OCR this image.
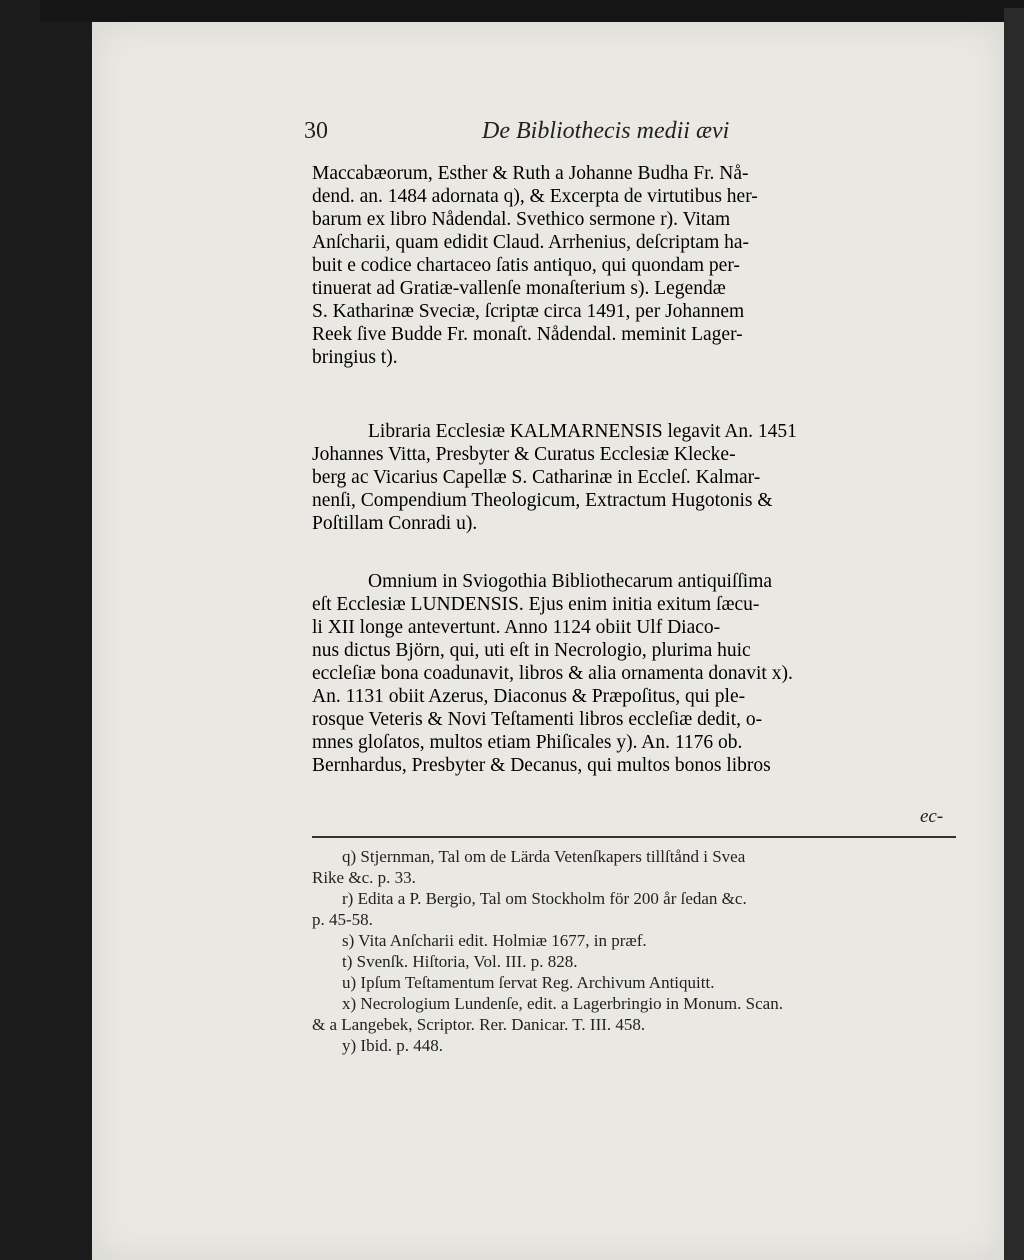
30	De Bibliothecis medii ævi

Maccabæorum, Esther & Ruth a Johanne Budha Fr. Nå-

dend. an. 1484 adornata q), & Excerpta de virtutibus her-

barum ex libro Nådendal. Svethico sermone r). Vitam

Anſcharii, quam edidit Claud. Arrhenius, deſcriptam ha-

buit e codice chartaceo ſatis antiquo, qui quondam per-

tinuerat ad Gratiæ-vallenſe monaſterium s). Legendæ

S. Katharinæ Sveciæ, ſcriptæ circa 1491, per Johannem

Reek ſive Budde Fr. monaſt. Nådendal. meminit Lager-

bringius t).

Libraria Ecclesiæ KALMARNENSIS legavit An. 1451

Johannes Vitta, Presbyter & Curatus Ecclesiæ Klecke-

berg ac Vicarius Capellæ S. Catharinæ in Eccleſ. Kalmar-

nenſi, Compendium Theologicum, Extractum Hugotonis &

Poſtillam Conradi u).

Omnium in Sviogothia Bibliothecarum antiquiſſima

eſt Ecclesiæ LUNDENSIS. Ejus enim initia exitum ſæcu-

li XII longe antevertunt. Anno 1124 obiit Ulf Diaco-

nus dictus Björn, qui, uti eſt in Necrologio, plurima huic

eccleſiæ bona coadunavit, libros & alia ornamenta donavit x).

An. 1131 obiit Azerus, Diaconus & Præpoſitus, qui ple-

rosque Veteris & Novi Teſtamenti libros eccleſiæ dedit, o-

mnes gloſatos, multos etiam Phiſicales y). An. 1176 ob.

Bernhardus, Presbyter & Decanus, qui multos bonos libros

ec-

q) Stjernman, Tal om de Lärda Vetenſkapers tillſtånd i Svea

Rike &c. p. 33.

r) Edita a P. Bergio, Tal om Stockholm för 200 år ſedan &c.

p. 45-58.

s) Vita Anſcharii edit. Holmiæ 1677, in præf.

t) Svenſk. Hiſtoria, Vol. III. p. 828.

u) Ipſum Teſtamentum ſervat Reg. Archivum Antiquitt.

x) Necrologium Lundenſe, edit. a Lagerbringio in Monum. Scan.

& a Langebek, Scriptor. Rer. Danicar. T. III. 458.

y) Ibid. p. 448.
